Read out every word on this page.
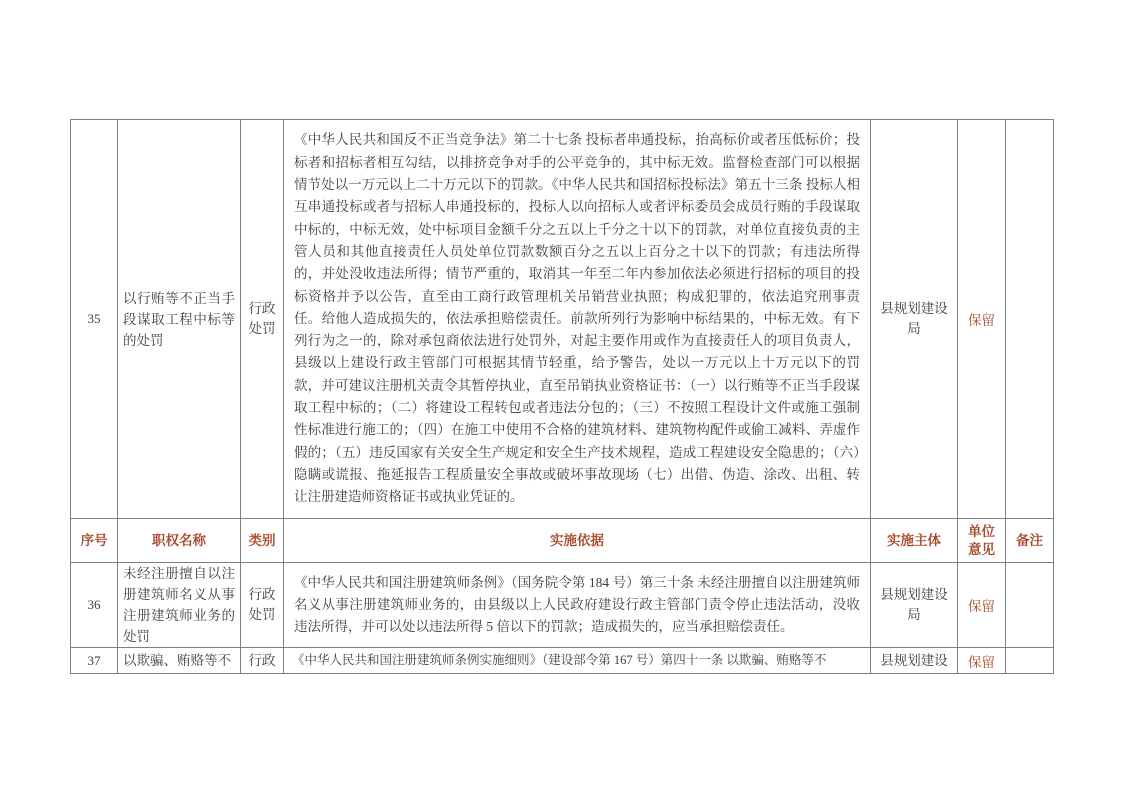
35	以行贿等不正当手段谋取工程中标等的处罚	行政处罚	《中华人民共和国反不正当竞争法》第二十七条 投标者串通投标，抬高标价或者压低标价；投标者和招标者相互勾结，以排挤竞争对手的公平竞争的，其中标无效。监督检查部门可以根据情节处以一万元以上二十万元以下的罚款。《中华人民共和国招标投标法》第五十三条 投标人相互串通投标或者与招标人串通投标的，投标人以向招标人或者评标委员会成员行贿的手段谋取中标的，中标无效，处中标项目金额千分之五以上千分之十以下的罚款，对单位直接负责的主管人员和其他直接责任人员处单位罚款数额百分之五以上百分之十以下的罚款；有违法所得的，并处没收违法所得；情节严重的，取消其一年至二年内参加依法必须进行招标的项目的投标资格并予以公告，直至由工商行政管理机关吊销营业执照；构成犯罪的，依法追究刑事责任。给他人造成损失的，依法承担赔偿责任。前款所列行为影响中标结果的，中标无效。有下列行为之一的，除对承包商依法进行处罚外，对起主要作用或作为直接责任人的项目负责人，县级以上建设行政主管部门可根据其情节轻重，给予警告，处以一万元以上十万元以下的罚款，并可建议注册机关责令其暂停执业，直至吊销执业资格证书：（一）以行贿等不正当手段谋取工程中标的；（二）将建设工程转包或者违法分包的；（三）不按照工程设计文件或施工强制性标准进行施工的；（四）在施工中使用不合格的建筑材料、建筑物构配件或偷工减料、弄虚作假的；（五）违反国家有关安全生产规定和安全生产技术规程，造成工程建设安全隐患的；（六）隐瞒或谎报、拖延报告工程质量安全事故或破坏事故现场（七）出借、伪造、涂改、出租、转让注册建造师资格证书或执业凭证的。	县规划建设局	保留	

序号	职权名称	类别	实施依据	实施主体	单位意见	备注

36	未经注册擅自以注册建筑师名义从事注册建筑师业务的处罚	行政处罚	《中华人民共和国注册建筑师条例》（国务院令第 184 号）第三十条 未经注册擅自以注册建筑师名义从事注册建筑师业务的，由县级以上人民政府建设行政主管部门责令停止违法活动，没收违法所得，并可以处以违法所得 5 倍以下的罚款；造成损失的，应当承担赔偿责任。	县规划建设局	保留	
37	以欺骗、贿赂等不	行政	《中华人民共和国注册建筑师条例实施细则》（建设部令第 167 号）第四十一条 以欺骗、贿赂等不	县规划建设	保留	
